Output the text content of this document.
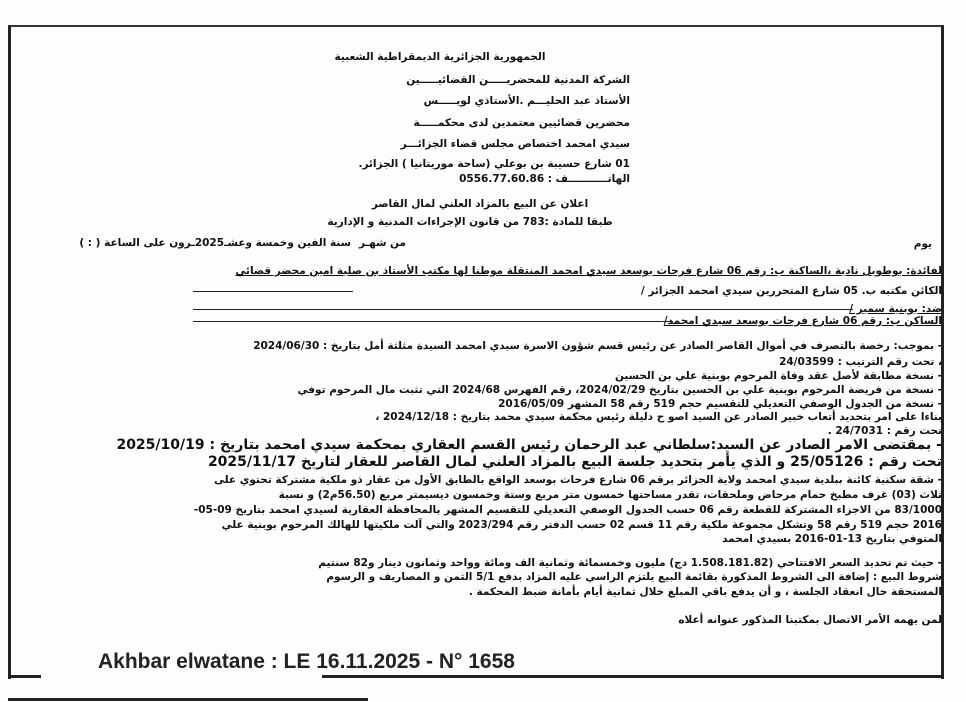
الجمهورية الجزائرية الديمقراطية الشعبية
الشركة المدنية للمحضريـــــن القضائيـــــين
الأستاذ عبد الحليـــم .الأستاذي لويـــــس
محضرين قضائيين معتمدين لدى محكمـــــة
سيدي امحمد اختصاص مجلس قضاء الجزائـــر
01 شارع حسيبة بن بوعلي (ساحة موريتانيا ) الجزائر.
الهاتـــــــــــف : 0556.77.60.86
اعلان عن البيع بالمزاد العلني لمال القاصر
طبقا للمادة :783 من قانون الإجراءات المدنية و الإدارية
يوم
من شهـر
سنة الفين وخمسة وعشـ2025ـرون على الساعة ( : )
لفائدة: بوطويل نادية ،الساكنة ب: رقم 06 شارع فرحات بوسعد سيدي امحمد المنتقلة موطنا لها مكتب الأستاذ بن صلية امين محضر قضائي
الكائن مكتبه ب. 05 شارع المتحررين سيدي امحمد الجزائر /
ضد: بوبنية سمير /
الساكن ب: رقم 06 شارع فرحات بوسعد سيدي امحمد/
- بموجب: رخصة بالتصرف في أموال القاصر الصادر عن رئيس قسم شؤون الاسرة سيدي امحمد السيدة مثلثة أمل بتاريخ : 2024/06/30
، تحت رقم الترتيب : 24/03599
- نسخة مطابقة لأصل عقد وفاة المرحوم بوبنية علي بن الحسين
- نسخة من فريضة المرحوم بوبنية علي بن الحسين بتاريخ 2024/02/29، رقم الفهرس 2024/68 التي تثبت مال المرحوم توفي
- نسخة من الجدول الوصفي التعديلي للتقسيم حجم 519 رقم 58 المشهر 2016/05/09
بناءا على امر بتحديد أتعاب خبير الصادر عن السيد اصو ح دليلة رئيس محكمة سيدي محمد بتاريخ : 2024/12/18 ،
تحت رقم : 24/7031 .
- بمقتضى الامر الصادر عن السيد:سلطاني عبد الرحمان رئيس القسم العقاري بمحكمة سيدي امحمد بتاريخ : 2025/10/19
تحت رقم : 25/05126 و الذي يأمر بتحديد جلسة البيع بالمزاد العلني لمال القاصر للعقار لتاريخ 2025/11/17
- شقة سكنية كائنة ببلدية سيدي امحمد ولاية الجزائر برقم 06 شارع فرحات بوسعد الواقع بالطابق الأول من عقار ذو ملكية مشتركة تحتوي على
ثلاث (03) غرف مطبخ حمام مرحاض وملحقات، تقدر مساحتها خمسون متر مربع وستة وخمسون ديسيمتر مربع (56.50م2) و نسبة
83/1000 من الاجزاء المشتركة للقطعة رقم 06 حسب الجدول الوصفي التعديلي للتقسيم المشهر بالمحافظة العقارية لسيدي امحمد بتاريخ 09-05-
2016 حجم 519 رقم 58 وتشكل مجموعة ملكية رقم 11 قسم 02 حسب الدفتر رقم 2023/294 والتي آلت ملكيتها للهالك المرحوم بوبنية علي
المتوفي بتاريخ 13-01-2016 بسيدي امحمد
- حيث تم تحديد السعر الافتتاحي (1.508.181.82 دج) مليون وخمسمائة وثمانية الف ومائة وواحد وثمانون دينار و82 سنتيم
شروط البيع : إضافة الى الشروط المذكورة بقائمة البيع يلتزم الراسي عليه المزاد بدفع 5/1 الثمن و المصاريف و الرسوم
المستحقة حال انعقاد الجلسة ، و أن يدفع باقي المبلغ خلال ثمانية أيام بأمانة ضبط المحكمة .
لمن يهمه الأمر الاتصال بمكتبنا المذكور عنوانه أعلاه
Akhbar elwatane : LE 16.11.2025 - N° 1658
